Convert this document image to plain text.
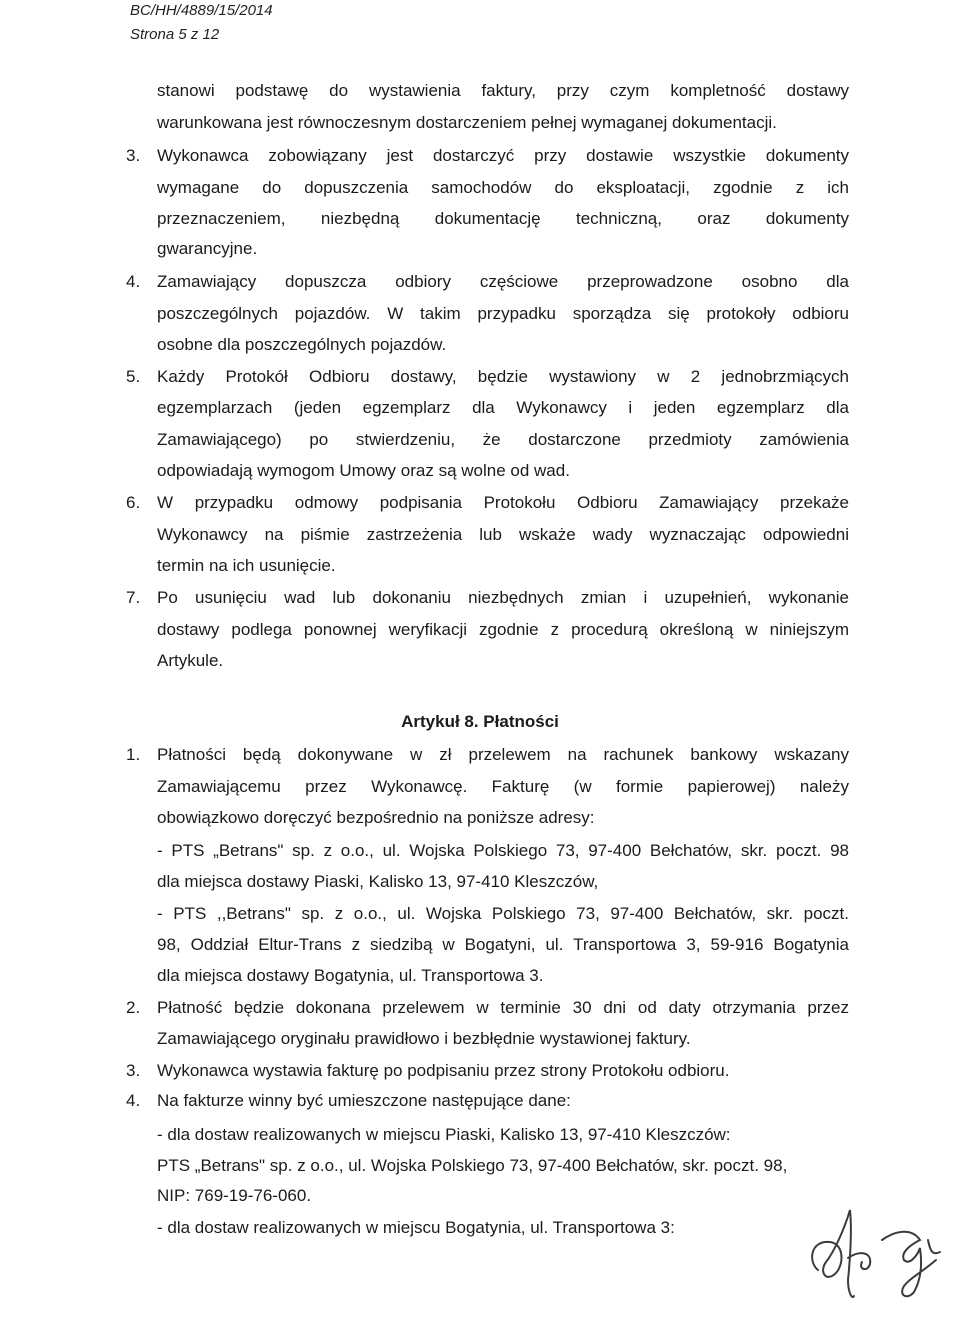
BC/HH/4889/15/2014
Strona 5 z 12
stanowi podstawę do wystawienia faktury, przy czym kompletność dostawy
warunkowana jest równoczesnym dostarczeniem pełnej wymaganej dokumentacji.
3. Wykonawca zobowiązany jest dostarczyć przy dostawie wszystkie dokumenty
wymagane do dopuszczenia samochodów do eksploatacji, zgodnie z ich
przeznaczeniem, niezbędną dokumentację techniczną, oraz dokumenty
gwarancyjne.
4. Zamawiający dopuszcza odbiory częściowe przeprowadzone osobno dla
poszczególnych pojazdów. W takim przypadku sporządza się protokoły odbioru
osobne dla poszczególnych pojazdów.
5. Każdy Protokół Odbioru dostawy, będzie wystawiony w 2 jednobrzmiących
egzemplarzach (jeden egzemplarz dla Wykonawcy i jeden egzemplarz dla
Zamawiającego) po stwierdzeniu, że dostarczone przedmioty zamówienia
odpowiadają wymogom Umowy oraz są wolne od wad.
6. W przypadku odmowy podpisania Protokołu Odbioru Zamawiający przekaże
Wykonawcy na piśmie zastrzeżenia lub wskaże wady wyznaczając odpowiedni
termin na ich usunięcie.
7. Po usunięciu wad lub dokonaniu niezbędnych zmian i uzupełnień, wykonanie
dostawy podlega ponownej weryfikacji zgodnie z procedurą określoną w niniejszym
Artykule.
Artykuł 8. Płatności
1. Płatności będą dokonywane w zł przelewem na rachunek bankowy wskazany
Zamawiającemu przez Wykonawcę. Fakturę (w formie papierowej) należy
obowiązkowo doręczyć bezpośrednio na poniższe adresy:
- PTS „Betrans" sp. z o.o., ul. Wojska Polskiego 73, 97-400 Bełchatów, skr. poczt. 98
dla miejsca dostawy Piaski, Kalisko 13, 97-410 Kleszczów,
- PTS ,,Betrans" sp. z o.o., ul. Wojska Polskiego 73, 97-400 Bełchatów, skr. poczt.
98, Oddział Eltur-Trans z siedzibą w Bogatyni, ul. Transportowa 3, 59-916 Bogatynia
dla miejsca dostawy Bogatynia, ul. Transportowa 3.
2. Płatność będzie dokonana przelewem w terminie 30 dni od daty otrzymania przez
Zamawiającego oryginału prawidłowo i bezbłędnie wystawionej faktury.
3. Wykonawca wystawia fakturę po podpisaniu przez strony Protokołu odbioru.
4. Na fakturze winny być umieszczone następujące dane:
- dla dostaw realizowanych w miejscu Piaski, Kalisko 13, 97-410 Kleszczów:
PTS „Betrans" sp. z o.o., ul. Wojska Polskiego 73, 97-400 Bełchatów, skr. poczt. 98,
NIP: 769-19-76-060.
- dla dostaw realizowanych w miejscu Bogatynia, ul. Transportowa 3:
